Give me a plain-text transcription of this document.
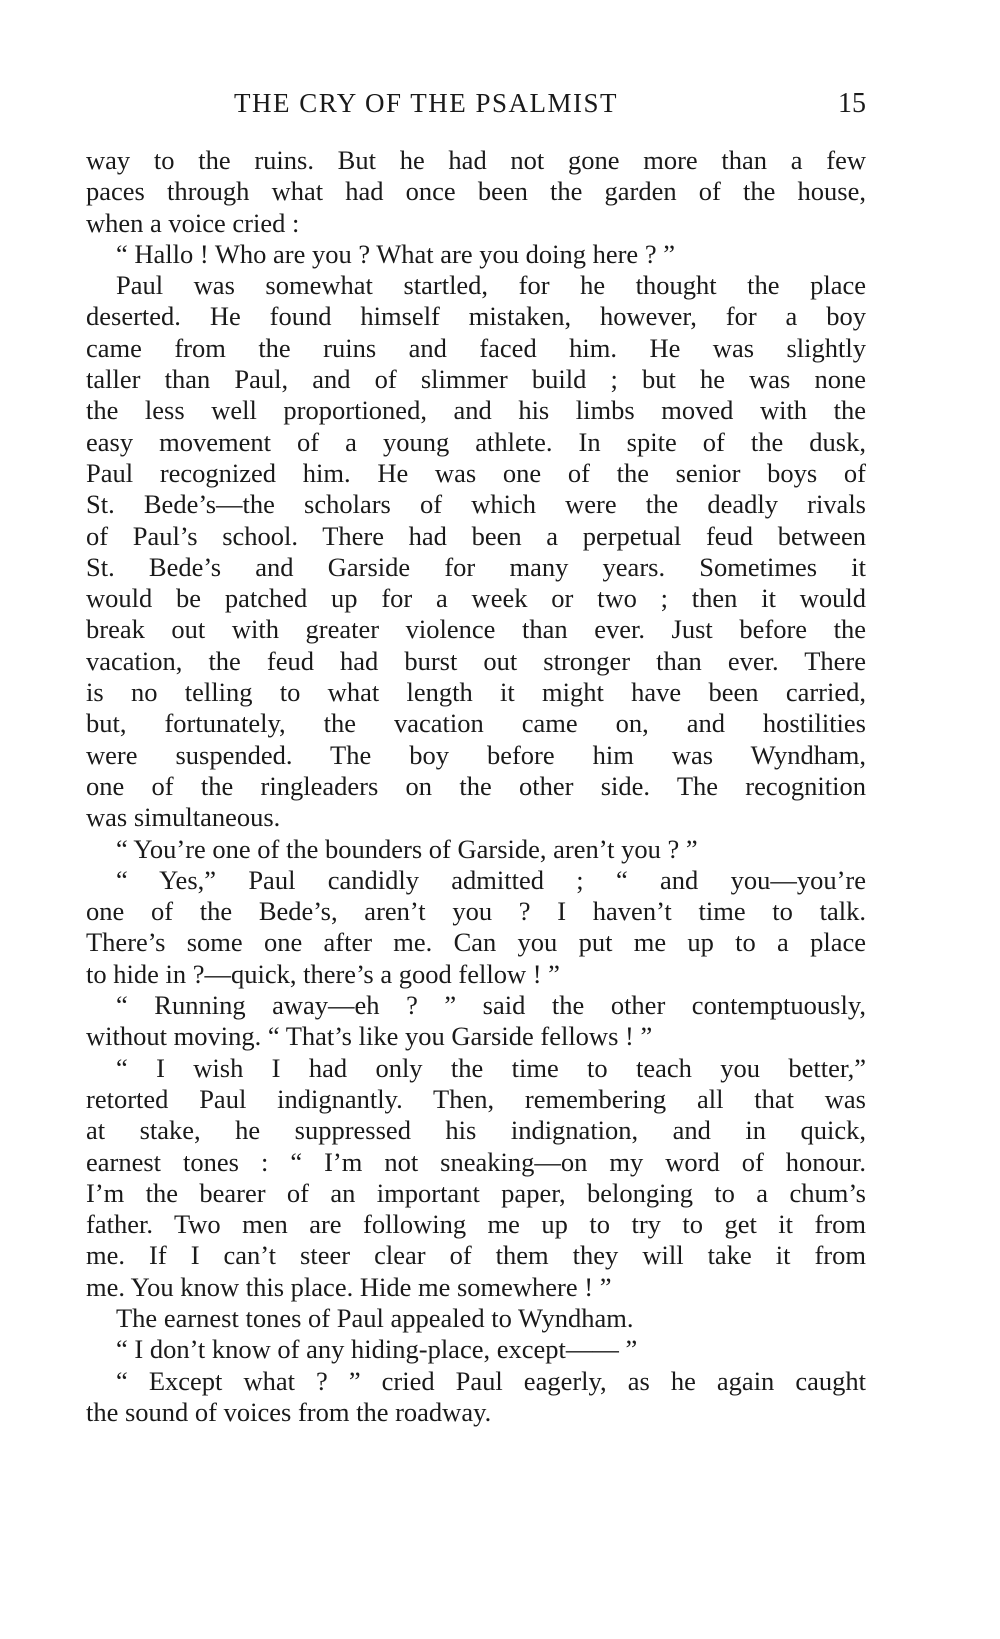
THE CRY OF THE PSALMIST	15
way to the ruins. But he had not gone more than a few
paces through what had once been the garden of the house,
when a voice cried :
“ Hallo ! Who are you ? What are you doing here ? ”
Paul was somewhat startled, for he thought the place
deserted. He found himself mistaken, however, for a boy
came from the ruins and faced him. He was slightly
taller than Paul, and of slimmer build ; but he was none
the less well proportioned, and his limbs moved with the
easy movement of a young athlete. In spite of the dusk,
Paul recognized him. He was one of the senior boys of
St. Bede’s—the scholars of which were the deadly rivals
of Paul’s school. There had been a perpetual feud between
St. Bede’s and Garside for many years. Sometimes it
would be patched up for a week or two ; then it would
break out with greater violence than ever. Just before the
vacation, the feud had burst out stronger than ever. There
is no telling to what length it might have been carried,
but, fortunately, the vacation came on, and hostilities
were suspended. The boy before him was Wyndham,
one of the ringleaders on the other side. The recognition
was simultaneous.
“ You’re one of the bounders of Garside, aren’t you ? ”
“ Yes,” Paul candidly admitted ; “ and you—you’re
one of the Bede’s, aren’t you ? I haven’t time to talk.
There’s some one after me. Can you put me up to a place
to hide in ?—quick, there’s a good fellow ! ”
“ Running away—eh ? ” said the other contemptuously,
without moving. “ That’s like you Garside fellows ! ”
“ I wish I had only the time to teach you better,”
retorted Paul indignantly. Then, remembering all that was
at stake, he suppressed his indignation, and in quick,
earnest tones : “ I’m not sneaking—on my word of honour.
I’m the bearer of an important paper, belonging to a chum’s
father. Two men are following me up to try to get it from
me. If I can’t steer clear of them they will take it from
me. You know this place. Hide me somewhere ! ”
The earnest tones of Paul appealed to Wyndham.
“ I don’t know of any hiding-place, except—— ”
“ Except what ? ” cried Paul eagerly, as he again caught
the sound of voices from the roadway.
